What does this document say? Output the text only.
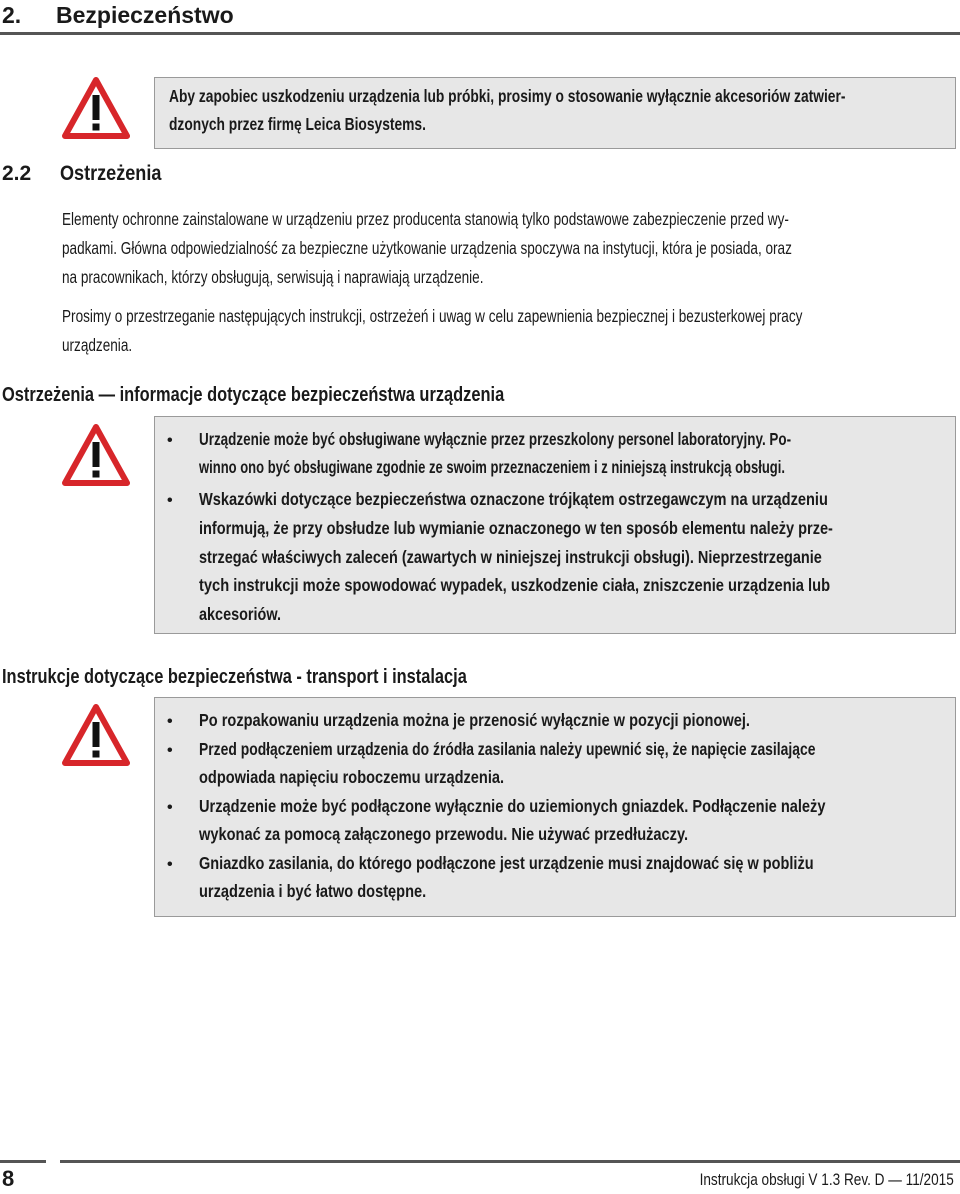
2. Bezpieczeństwo
Aby zapobiec uszkodzeniu urządzenia lub próbki, prosimy o stosowanie wyłącznie akcesoriów zatwier-
dzonych przez firmę Leica Biosystems.
2.2 Ostrzeżenia
Elementy ochronne zainstalowane w urządzeniu przez producenta stanowią tylko podstawowe zabezpieczenie przed wy-
padkami. Główna odpowiedzialność za bezpieczne użytkowanie urządzenia spoczywa na instytucji, która je posiada, oraz
na pracownikach, którzy obsługują, serwisują i naprawiają urządzenie.
Prosimy o przestrzeganie następujących instrukcji, ostrzeżeń i uwag w celu zapewnienia bezpiecznej i bezusterkowej pracy
urządzenia.
Ostrzeżenia — informacje dotyczące bezpieczeństwa urządzenia
• Urządzenie może być obsługiwane wyłącznie przez przeszkolony personel laboratoryjny. Po-
winno ono być obsługiwane zgodnie ze swoim przeznaczeniem i z niniejszą instrukcją obsługi.
• Wskazówki dotyczące bezpieczeństwa oznaczone trójkątem ostrzegawczym na urządzeniu
informują, że przy obsłudze lub wymianie oznaczonego w ten sposób elementu należy prze-
strzegać właściwych zaleceń (zawartych w niniejszej instrukcji obsługi). Nieprzestrzeganie
tych instrukcji może spowodować wypadek, uszkodzenie ciała, zniszczenie urządzenia lub
akcesoriów.
Instrukcje dotyczące bezpieczeństwa - transport i instalacja
• Po rozpakowaniu urządzenia można je przenosić wyłącznie w pozycji pionowej.
• Przed podłączeniem urządzenia do źródła zasilania należy upewnić się, że napięcie zasilające
odpowiada napięciu roboczemu urządzenia.
• Urządzenie może być podłączone wyłącznie do uziemionych gniazdek. Podłączenie należy
wykonać za pomocą załączonego przewodu. Nie używać przedłużaczy.
• Gniazdko zasilania, do którego podłączone jest urządzenie musi znajdować się w pobliżu
urządzenia i być łatwo dostępne.
8	Instrukcja obsługi V 1.3 Rev. D — 11/2015
